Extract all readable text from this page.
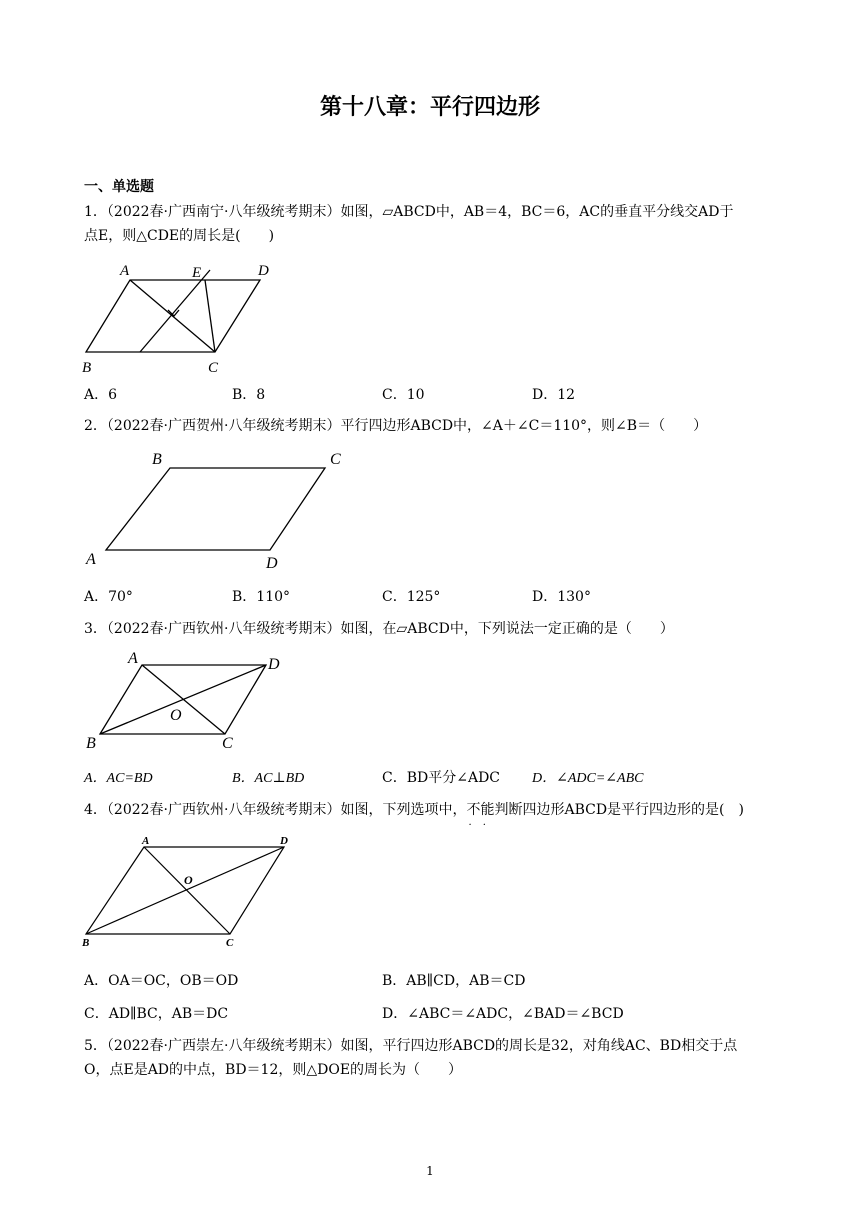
第十八章：平行四边形
一、单选题
1．（2022春·广西南宁·八年级统考期末）如图，▱ABCD中，AB＝4，BC＝6，AC的垂直平分线交AD于
点E，则△CDE的周长是(　　)
A	E	D
B	C
A．6	B．8	C．10	D．12
2．（2022春·广西贺州·八年级统考期末）平行四边形ABCD中，∠A＋∠C＝110°，则∠B＝（　　）
B	C
A	D
A．70°	B．110°	C．125°	D．130°
3．（2022春·广西钦州·八年级统考期末）如图，在▱ABCD中，下列说法一定正确的是（　　）
A	D
O
B	C
A．AC=BD	B．AC⊥BD	C．BD平分∠ADC D．∠ADC=∠ABC
4．（2022春·广西钦州·八年级统考期末）如图，下列选项中，不能 · ·判断四边形ABCD是平行四边形的是(　)
A	D
O
B	C
A．OA＝OC，OB＝OD	B．AB∥CD，AB＝CD
C．AD∥BC，AB＝DC	D．∠ABC＝∠ADC，∠BAD＝∠BCD
5．（2022春·广西崇左·八年级统考期末）如图，平行四边形ABCD的周长是32，对角线AC、BD相交于点
O，点E是AD的中点，BD＝12，则△DOE的周长为（　　）
1
